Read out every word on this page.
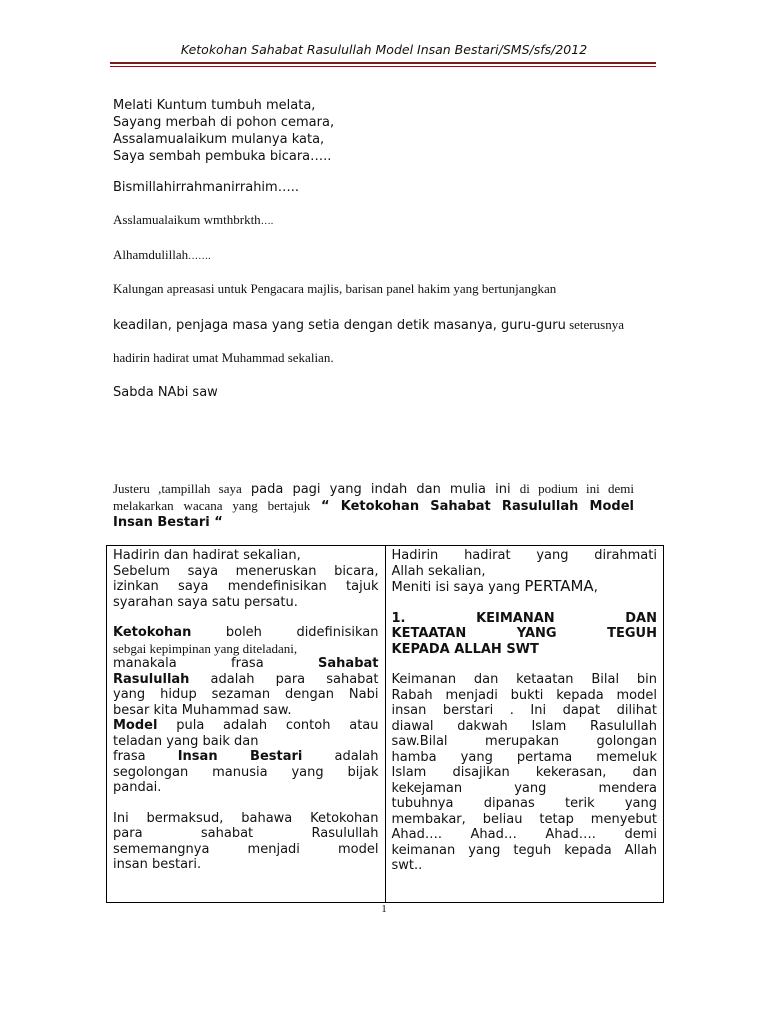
Ketokohan Sahabat Rasulullah Model Insan Bestari/SMS/sfs/2012
Melati Kuntum tumbuh melata,
Sayang merbah di pohon cemara,
Assalamualaikum mulanya kata,
Saya sembah pembuka bicara…..
Bismillahirrahmanirrahim…..
Asslamualaikum wmthbrkth….
Alhamdulillah…….
Kalungan apreasasi untuk Pengacara majlis, barisan panel hakim yang bertunjangkan
keadilan, penjaga masa yang setia dengan detik masanya, guru-guru seterusnya
hadirin hadirat umat Muhammad sekalian.
Sabda NAbi saw
Justeru ,tampillah saya pada pagi yang indah dan mulia ini di podium ini demi
melakarkan wacana yang bertajuk “ Ketokohan Sahabat Rasulullah Model
Insan Bestari “
Hadirin dan hadirat sekalian,
Sebelum saya meneruskan bicara,
izinkan saya mendefinisikan tajuk
syarahan saya satu persatu.
Ketokohan boleh didefinisikan
sebgai kepimpinan yang diteladani,
manakala frasa	Sahabat
Rasulullah adalah para sahabat
yang hidup sezaman dengan Nabi
besar kita Muhammad saw.
Model pula adalah contoh atau
teladan yang baik dan
frasa Insan Bestari adalah
segolongan manusia yang bijak
pandai.
Ini bermaksud, bahawa Ketokohan
para sahabat Rasulullah
sememangnya menjadi model
insan bestari.

Hadirin hadirat yang dirahmati
Allah sekalian,
Meniti isi saya yang PERTAMA,
1. KEIMANAN DAN
KETAATAN YANG TEGUH
KEPADA ALLAH SWT
Keimanan dan ketaatan Bilal bin
Rabah menjadi bukti kepada model
insan berstari . Ini dapat dilihat
diawal dakwah Islam Rasulullah
saw.Bilal merupakan golongan
hamba yang pertama memeluk
Islam disajikan kekerasan, dan
kekejaman yang mendera
tubuhnya dipanas terik yang
membakar, beliau tetap menyebut
Ahad…. Ahad… Ahad…. demi
keimanan yang teguh kepada Allah
swt..
1
